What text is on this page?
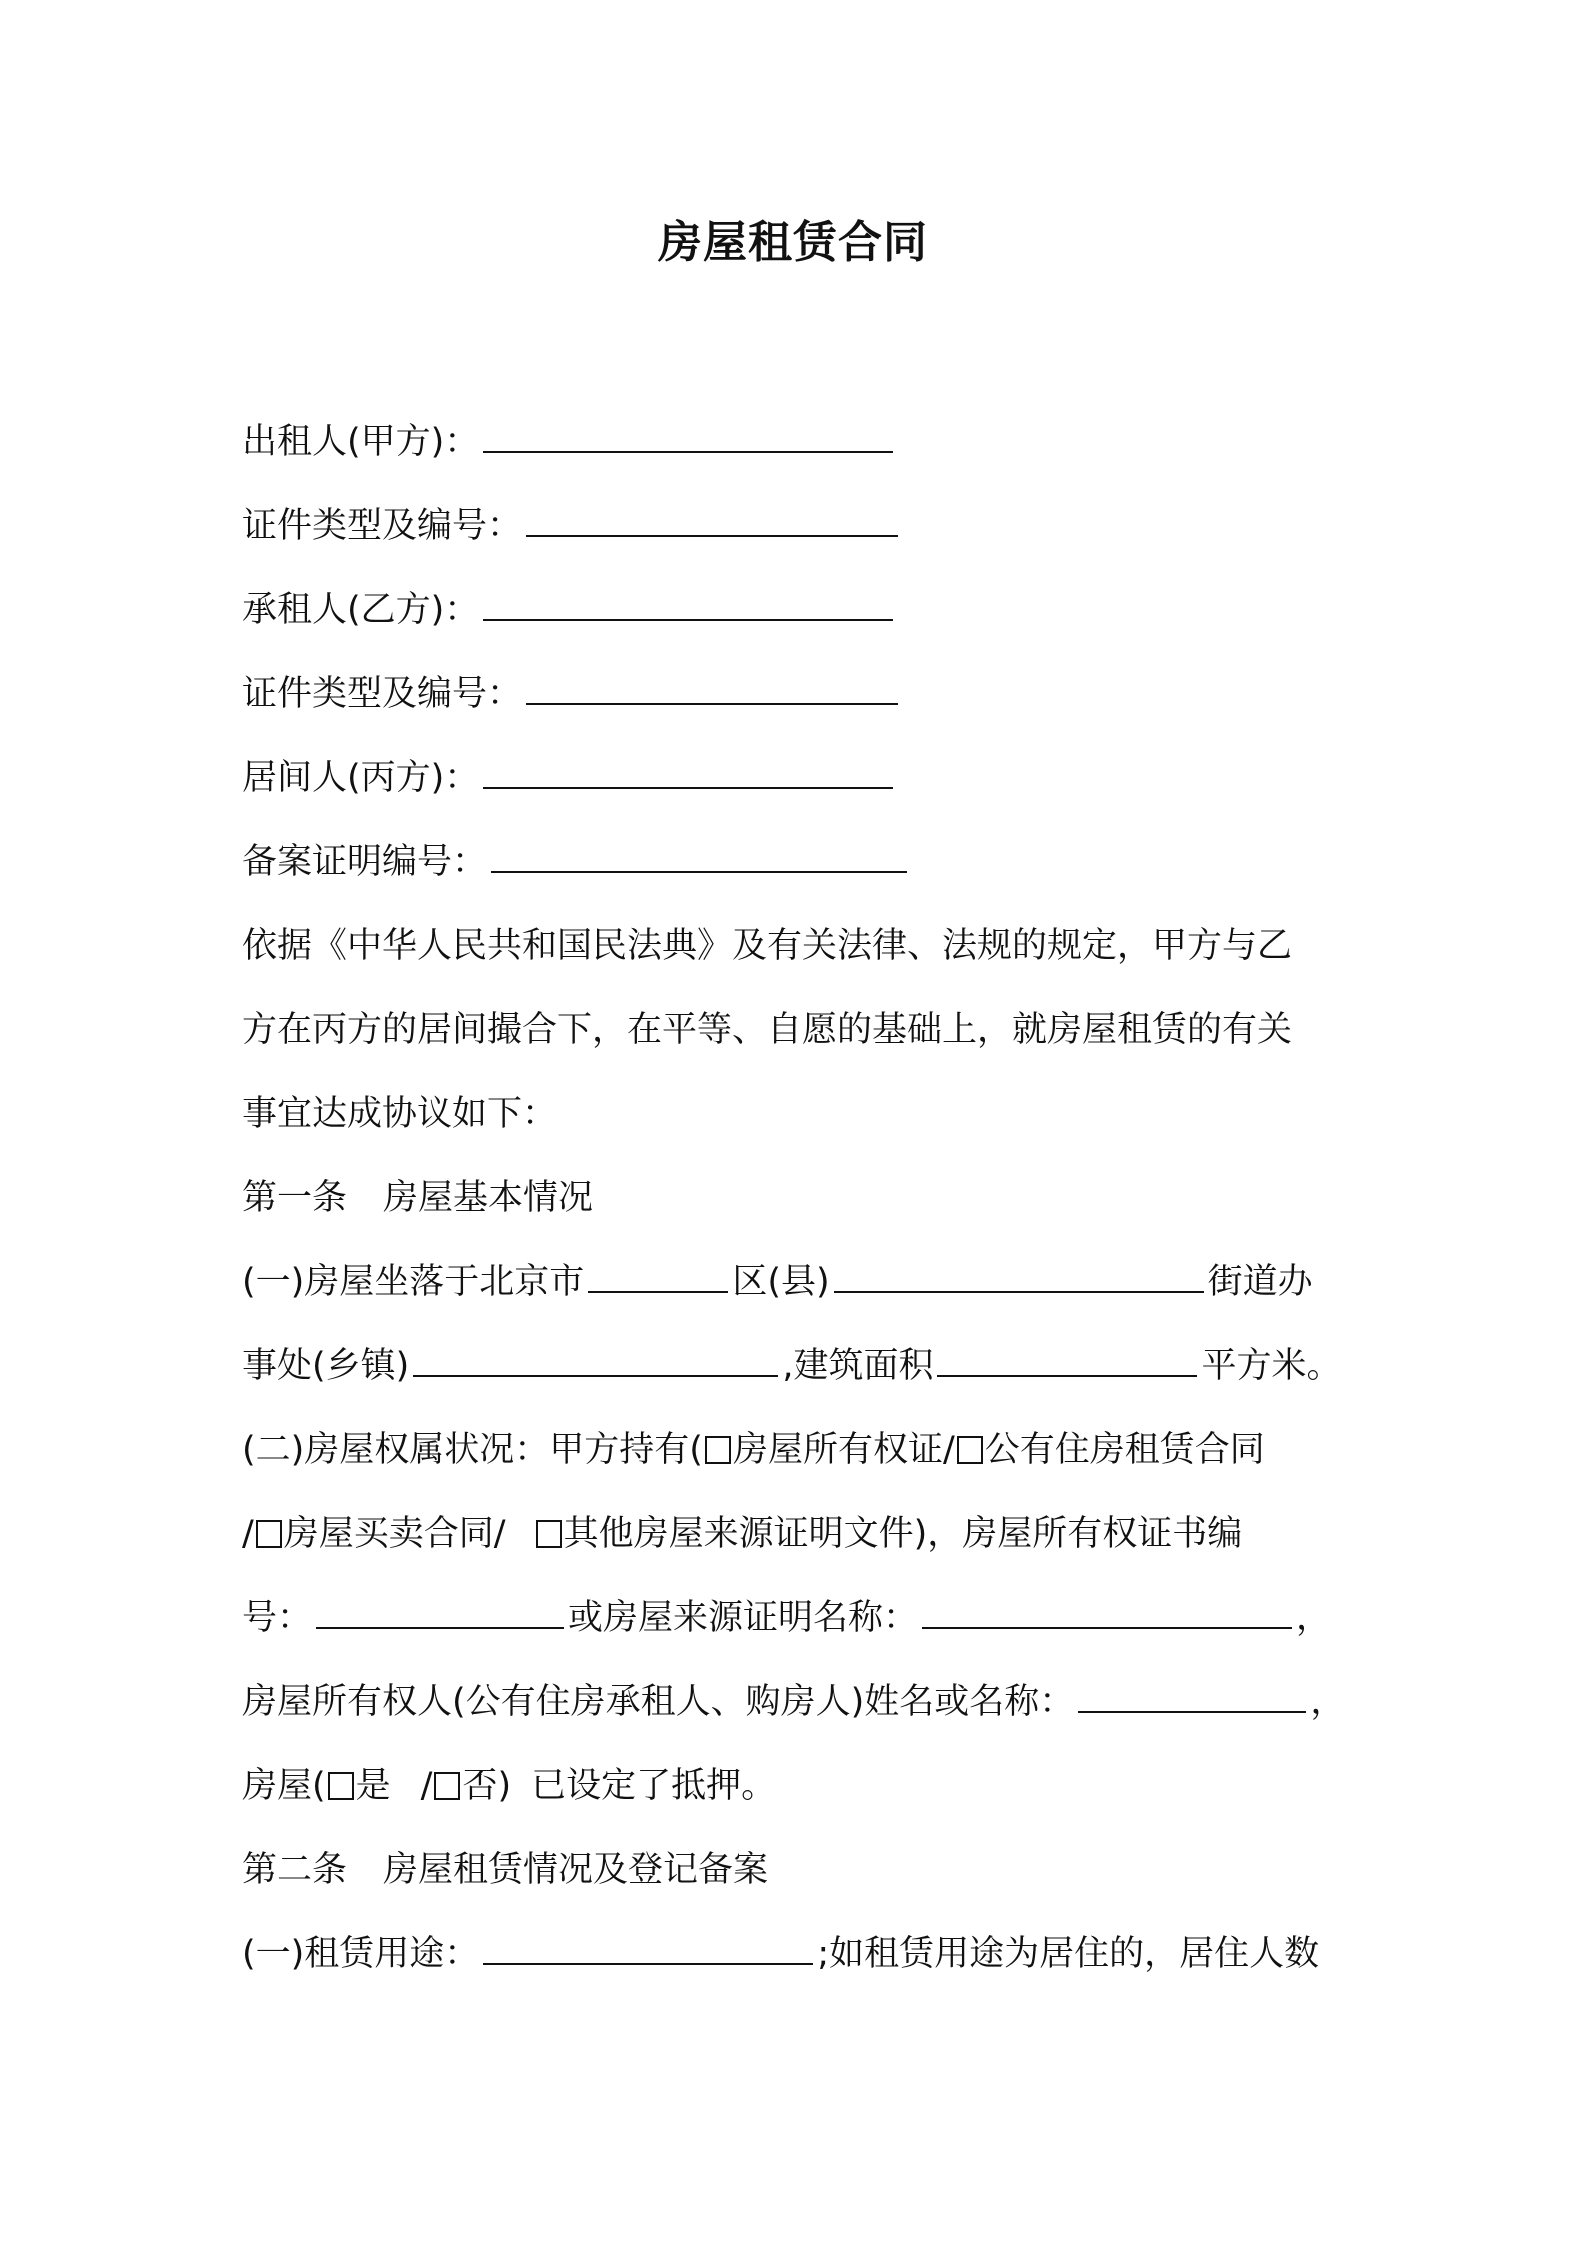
房屋租赁合同
出租人(甲方)：
证件类型及编号：
承租人(乙方)：
证件类型及编号：
居间人(丙方)：
备案证明编号：
依据《中华人民共和国民法典》及有关法律、法规的规定，甲方与乙
方在丙方的居间撮合下，在平等、自愿的基础上，就房屋租赁的有关
事宜达成协议如下：
第一条 房屋基本情况
(一)房屋坐落于北京市	区(县)	街道办
事处(乡镇)	,建筑面积	平方米。
(二)房屋权属状况：甲方持有( 房屋所有权证/ 公有住房租赁合同
/ 房屋买卖合同/ 其他房屋来源证明文件)，房屋所有权证书编
号：	或房屋来源证明名称：	，
房屋所有权人(公有住房承租人、购房人)姓名或名称：	，
房屋( 是 / 否) 已设定了抵押。
第二条 房屋租赁情况及登记备案
(一)租赁用途：	;如租赁用途为居住的，居住人数
